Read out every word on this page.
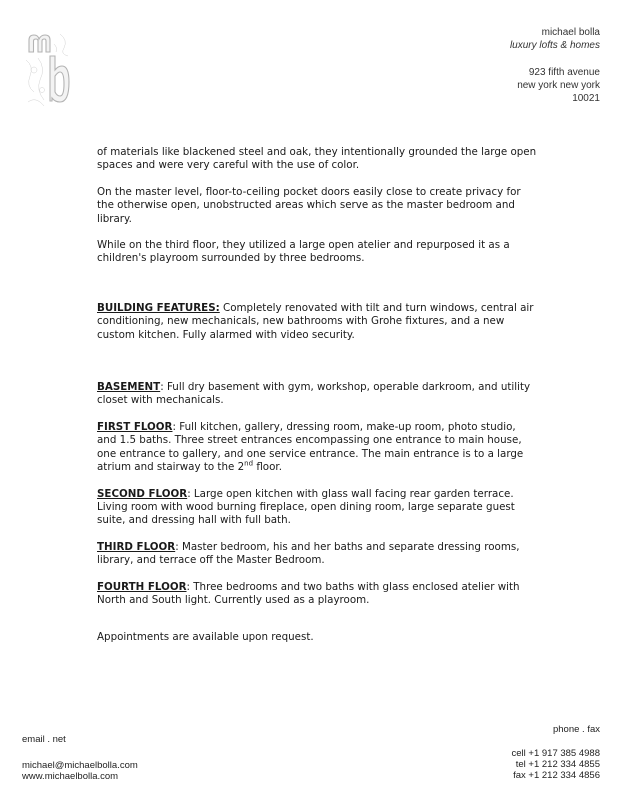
michael bolla
luxury lofts & homes
923 fifth avenue
new york new york
10021

of materials like blackened steel and oak, they intentionally grounded the large open spaces and were very careful with the use of color.

On the master level, floor-to-ceiling pocket doors easily close to create privacy for the otherwise open, unobstructed areas which serve as the master bedroom and library.

While on the third floor, they utilized a large open atelier and repurposed it as a children's playroom surrounded by three bedrooms.

BUILDING FEATURES: Completely renovated with tilt and turn windows, central air conditioning, new mechanicals, new bathrooms with Grohe fixtures, and a new custom kitchen. Fully alarmed with video security.

BASEMENT: Full dry basement with gym, workshop, operable darkroom, and utility closet with mechanicals.

FIRST FLOOR: Full kitchen, gallery, dressing room, make-up room, photo studio, and 1.5 baths. Three street entrances encompassing one entrance to main house, one entrance to gallery, and one service entrance. The main entrance is to a large atrium and stairway to the 2nd floor.

SECOND FLOOR: Large open kitchen with glass wall facing rear garden terrace. Living room with wood burning fireplace, open dining room, large separate guest suite, and dressing hall with full bath.

THIRD FLOOR: Master bedroom, his and her baths and separate dressing rooms, library, and terrace off the Master Bedroom.

FOURTH FLOOR: Three bedrooms and two baths with glass enclosed atelier with North and South light. Currently used as a playroom.

Appointments are available upon request.

email . net
michael@michaelbolla.com
www.michaelbolla.com
phone . fax
cell +1 917 385 4988
tel +1 212 334 4855
fax +1 212 334 4856
